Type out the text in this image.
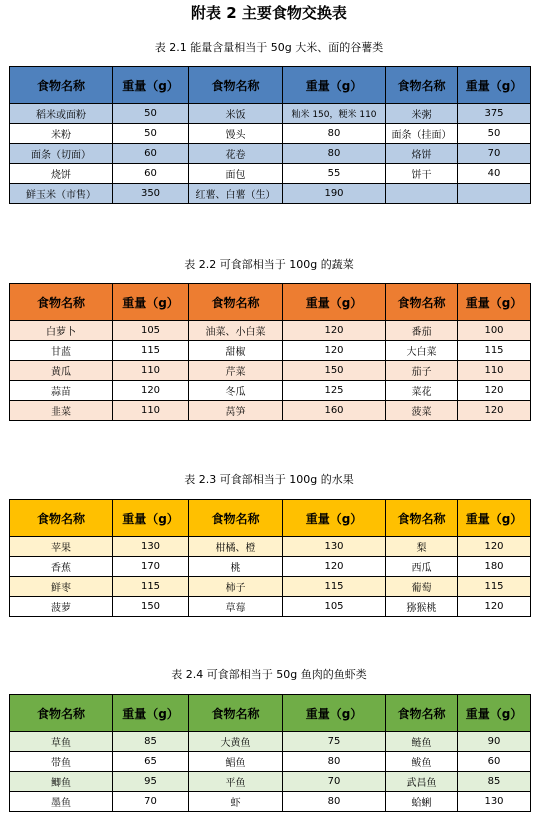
附表 2 主要食物交换表
表 2.1 能量含量相当于 50g 大米、面的谷薯类
食物名称	重量（g）	食物名称	重量（g）	食物名称	重量（g）
稻米或面粉	50	米饭	籼米 150，粳米 110	米粥	375
米粉	50	馒头	80	面条（挂面）	50
面条（切面）	60	花卷	80	烙饼	70
烧饼	60	面包	55	饼干	40
鲜玉米（市售）	350	红薯、白薯（生）	190		
表 2.2 可食部相当于 100g 的蔬菜
食物名称	重量（g）	食物名称	重量（g）	食物名称	重量（g）
白萝卜	105	油菜、小白菜	120	番茄	100
甘蓝	115	甜椒	120	大白菜	115
黄瓜	110	芹菜	150	茄子	110
蒜苗	120	冬瓜	125	菜花	120
韭菜	110	莴笋	160	菠菜	120
表 2.3 可食部相当于 100g 的水果
食物名称	重量（g）	食物名称	重量（g）	食物名称	重量（g）
苹果	130	柑橘、橙	130	梨	120
香蕉	170	桃	120	西瓜	180
鲜枣	115	柿子	115	葡萄	115
菠萝	150	草莓	105	猕猴桃	120
表 2.4 可食部相当于 50g 鱼肉的鱼虾类
食物名称	重量（g）	食物名称	重量（g）	食物名称	重量（g）
草鱼	85	大黄鱼	75	鲢鱼	90
带鱼	65	鲳鱼	80	鲅鱼	60
鲫鱼	95	平鱼	70	武昌鱼	85
墨鱼	70	虾	80	蛤蜊	130
